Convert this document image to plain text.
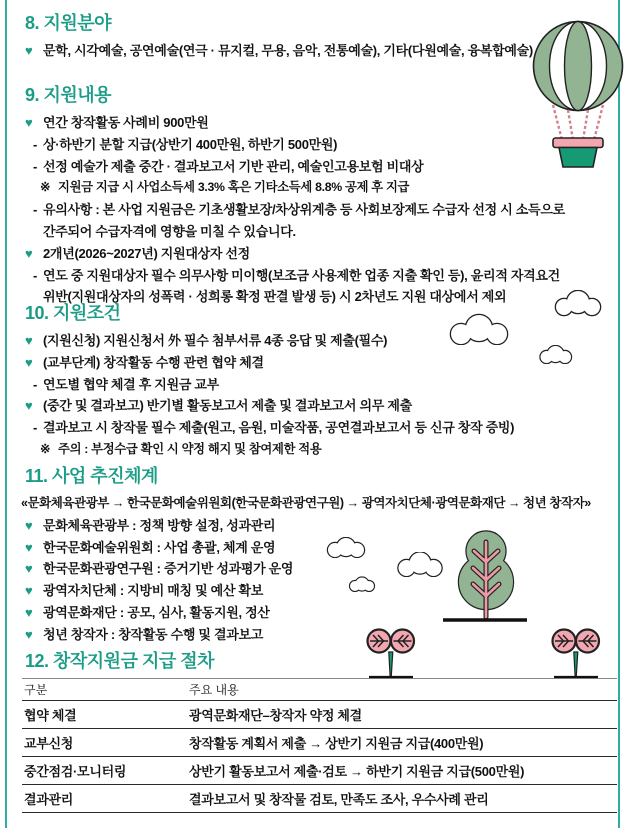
8. 지원분야
♥ 문학, 시각예술, 공연예술(연극 · 뮤지컬, 무용, 음악, 전통예술), 기타(다원예술, 융복합예술)
9. 지원내용
♥ 연간 창작활동 사례비 900만원
- 상·하반기 분할 지급(상반기 400만원, 하반기 500만원)
- 선정 예술가 제출 중간 · 결과보고서 기반 관리, 예술인고용보험 비대상
※ 지원금 지급 시 사업소득세 3.3% 혹은 기타소득세 8.8% 공제 후 지급
- 유의사항 : 본 사업 지원금은 기초생활보장/차상위계층 등 사회보장제도 수급자 선정 시 소득으로
간주되어 수급자격에 영향을 미칠 수 있습니다.
♥ 2개년(2026~2027년) 지원대상자 선정
- 연도 중 지원대상자 필수 의무사항 미이행(보조금 사용제한 업종 지출 확인 등), 윤리적 자격요건
위반(지원대상자의 성폭력 · 성희롱 확정 판결 발생 등) 시 2차년도 지원 대상에서 제외
10. 지원조건
♥ (지원신청) 지원신청서 外 필수 첨부서류 4종 응답 및 제출(필수)
♥ (교부단계) 창작활동 수행 관련 협약 체결
- 연도별 협약 체결 후 지원금 교부
♥ (중간 및 결과보고) 반기별 활동보고서 제출 및 결과보고서 의무 제출
- 결과보고 시 창작물 필수 제출(원고, 음원, 미술작품, 공연결과보고서 등 신규 창작 증빙)
※ 주의 : 부정수급 확인 시 약정 해지 및 참여제한 적용
11. 사업 추진체계
«문화체육관광부 → 한국문화예술위원회(한국문화관광연구원) → 광역자치단체·광역문화재단 → 청년 창작자»
♥ 문화체육관광부 : 정책 방향 설정, 성과관리
♥ 한국문화예술위원회 : 사업 총괄, 체계 운영
♥ 한국문화관광연구원 : 증거기반 성과평가 운영
♥ 광역자치단체 : 지방비 매칭 및 예산 확보
♥ 광역문화재단 : 공모, 심사, 활동지원, 정산
♥ 청년 창작자 : 창작활동 수행 및 결과보고
12. 창작지원금 지급 절차
구분	주요 내용
협약 체결	광역문화재단–창작자 약정 체결
교부신청	창작활동 계획서 제출 → 상반기 지원금 지급(400만원)
중간점검·모니터링	상반기 활동보고서 제출·검토 → 하반기 지원금 지급(500만원)
결과관리	결과보고서 및 창작물 검토, 만족도 조사, 우수사례 관리
